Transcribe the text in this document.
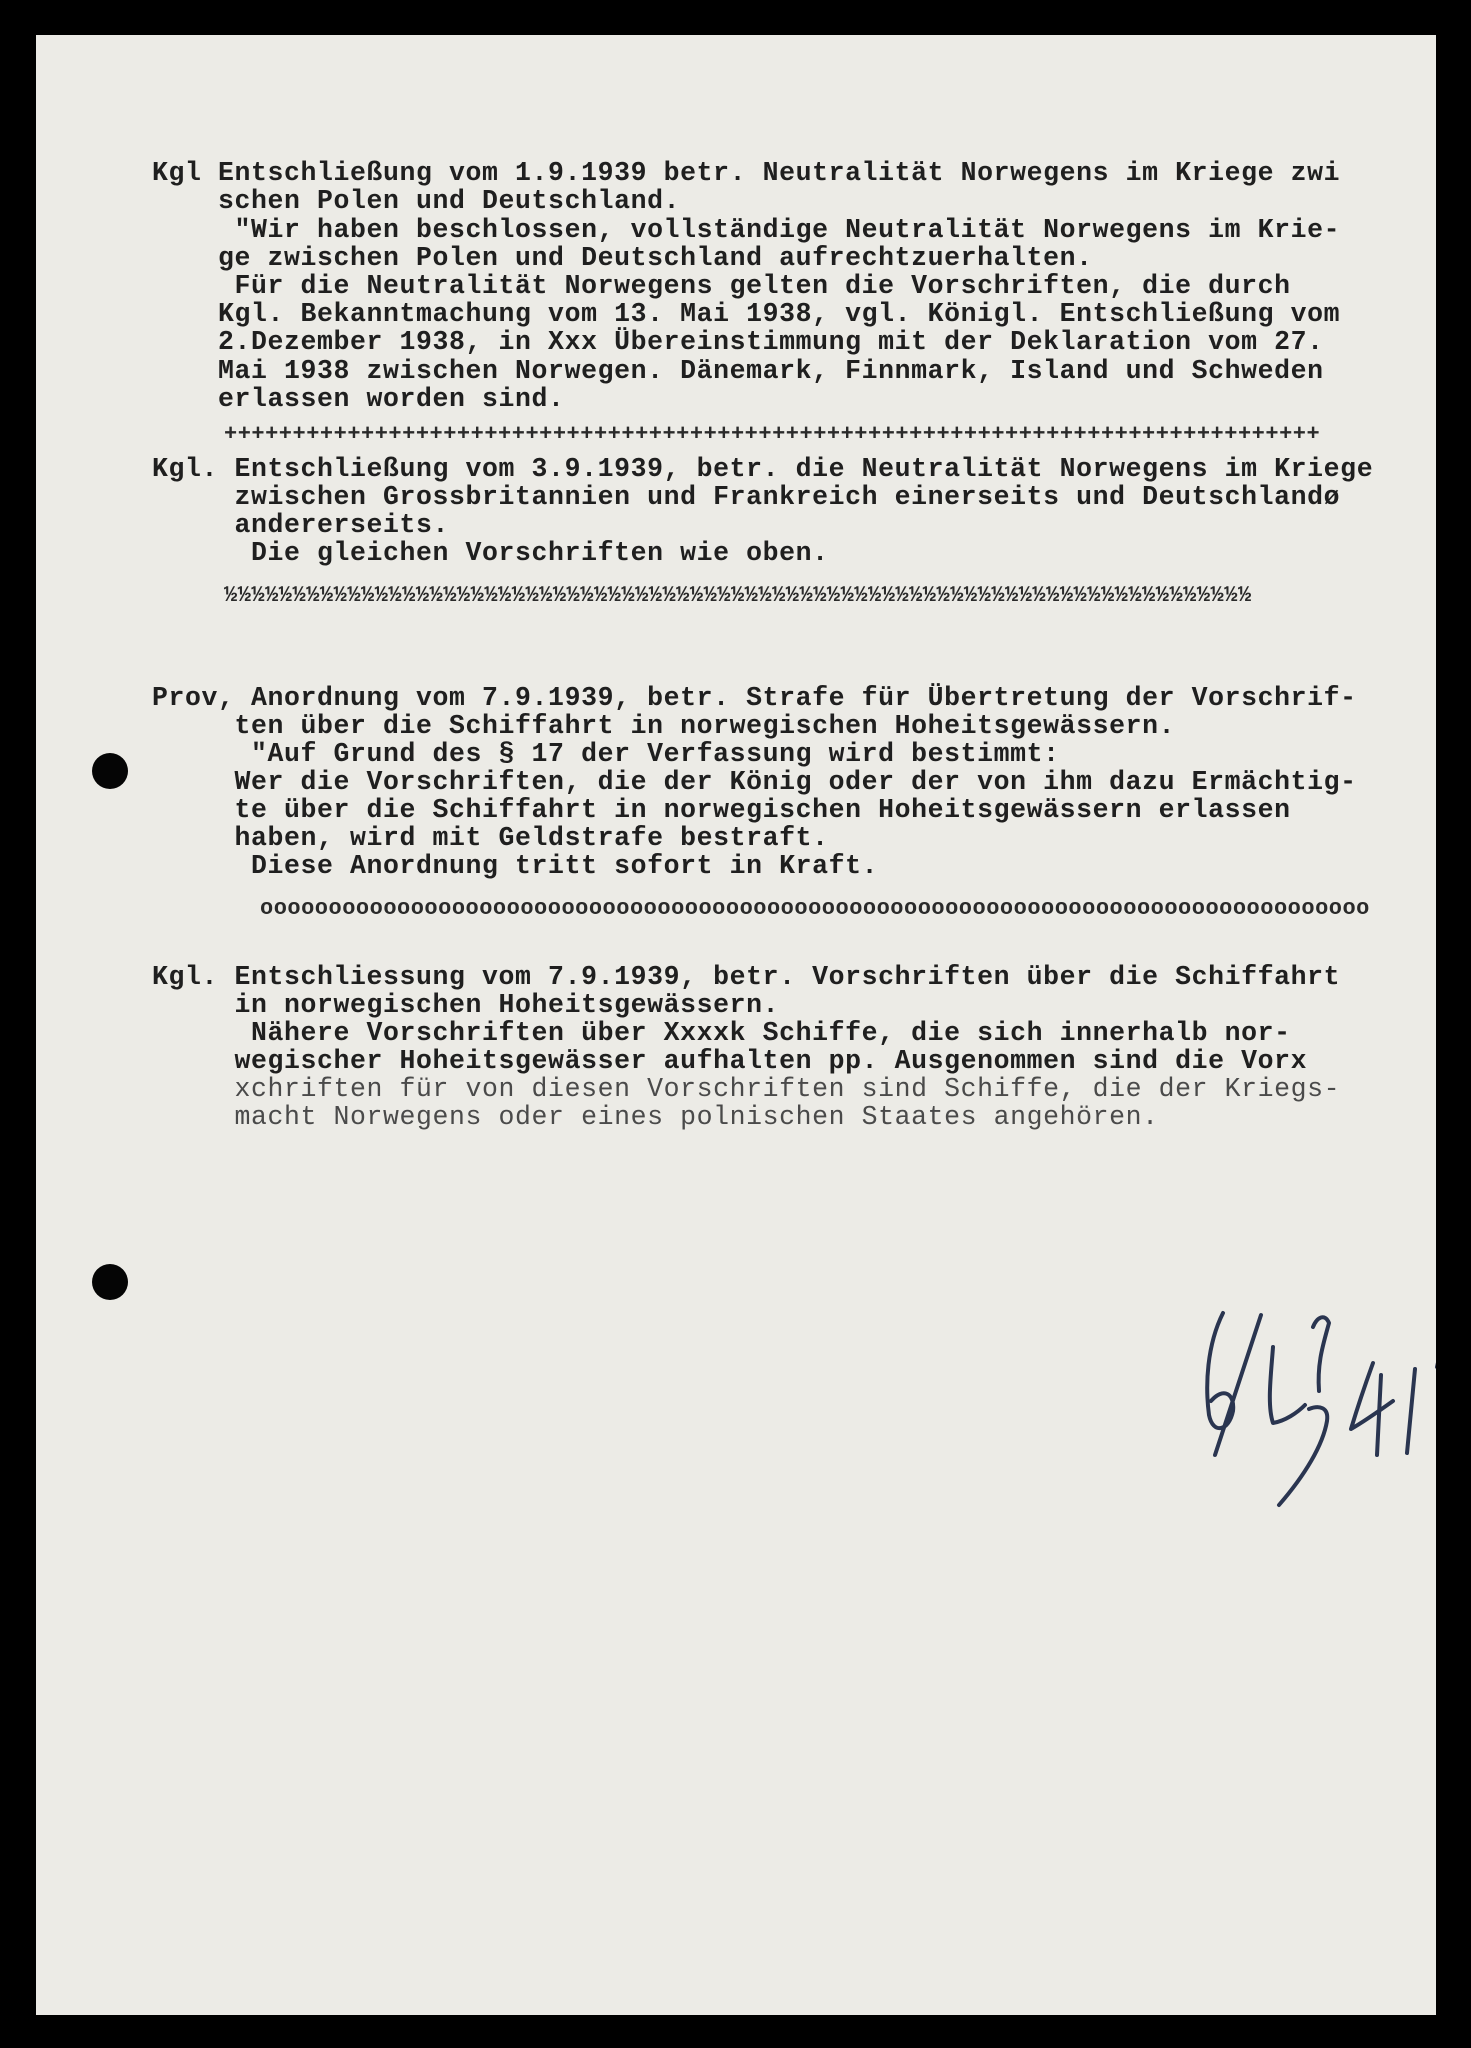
Kgl Entschließung vom 1.9.1939 betr. Neutralität Norwegens im Kriege zwi
schen Polen und Deutschland.
"Wir haben beschlossen, vollständige Neutralität Norwegens im Krie-
ge zwischen Polen und Deutschland aufrechtzuerhalten.
Für die Neutralität Norwegens gelten die Vorschriften, die durch
Kgl. Bekanntmachung vom 13. Mai 1938, vgl. Königl. Entschließung vom
2.Dezember 1938, in Xxx Übereinstimmung mit der Deklaration vom 27.
Mai 1938 zwischen Norwegen. Dänemark, Finnmark, Island und Schweden
erlassen worden sind.
++++++++++++++++++++++++++++++++++++++++++++++++++++++++++++++++++++++++++++++++
Kgl. Entschließung vom 3.9.1939, betr. die Neutralität Norwegens im Kriege
zwischen Grossbritannien und Frankreich einerseits und Deutschlandø
andererseits.
Die gleichen Vorschriften wie oben.
½½½½½½½½½½½½½½½½½½½½½½½½½½½½½½½½½½½½½½½½½½½½½½½½½½½½½½½½½½½½½½½½½½½½½½½½½½½
Prov, Anordnung vom 7.9.1939, betr. Strafe für Übertretung der Vorschrif-
ten über die Schiffahrt in norwegischen Hoheitsgewässern.
"Auf Grund des § 17 der Verfassung wird bestimmt:
Wer die Vorschriften, die der König oder der von ihm dazu Ermächtig-
te über die Schiffahrt in norwegischen Hoheitsgewässern erlassen
haben, wird mit Geldstrafe bestraft.
Diese Anordnung tritt sofort in Kraft.
ooooooooooooooooooooooooooooooooooooooooooooooooooooooooooooooooooooooooooooooooo
Kgl. Entschliessung vom 7.9.1939, betr. Vorschriften über die Schiffahrt
in norwegischen Hoheitsgewässern.
Nähere Vorschriften über Xxxxk Schiffe, die sich innerhalb nor-
wegischer Hoheitsgewässer aufhalten pp. Ausgenommen sind die Vorx
xchriften für von diesen Vorschriften sind Schiffe, die der Kriegs-
macht Norwegens oder eines polnischen Staates angehören.
